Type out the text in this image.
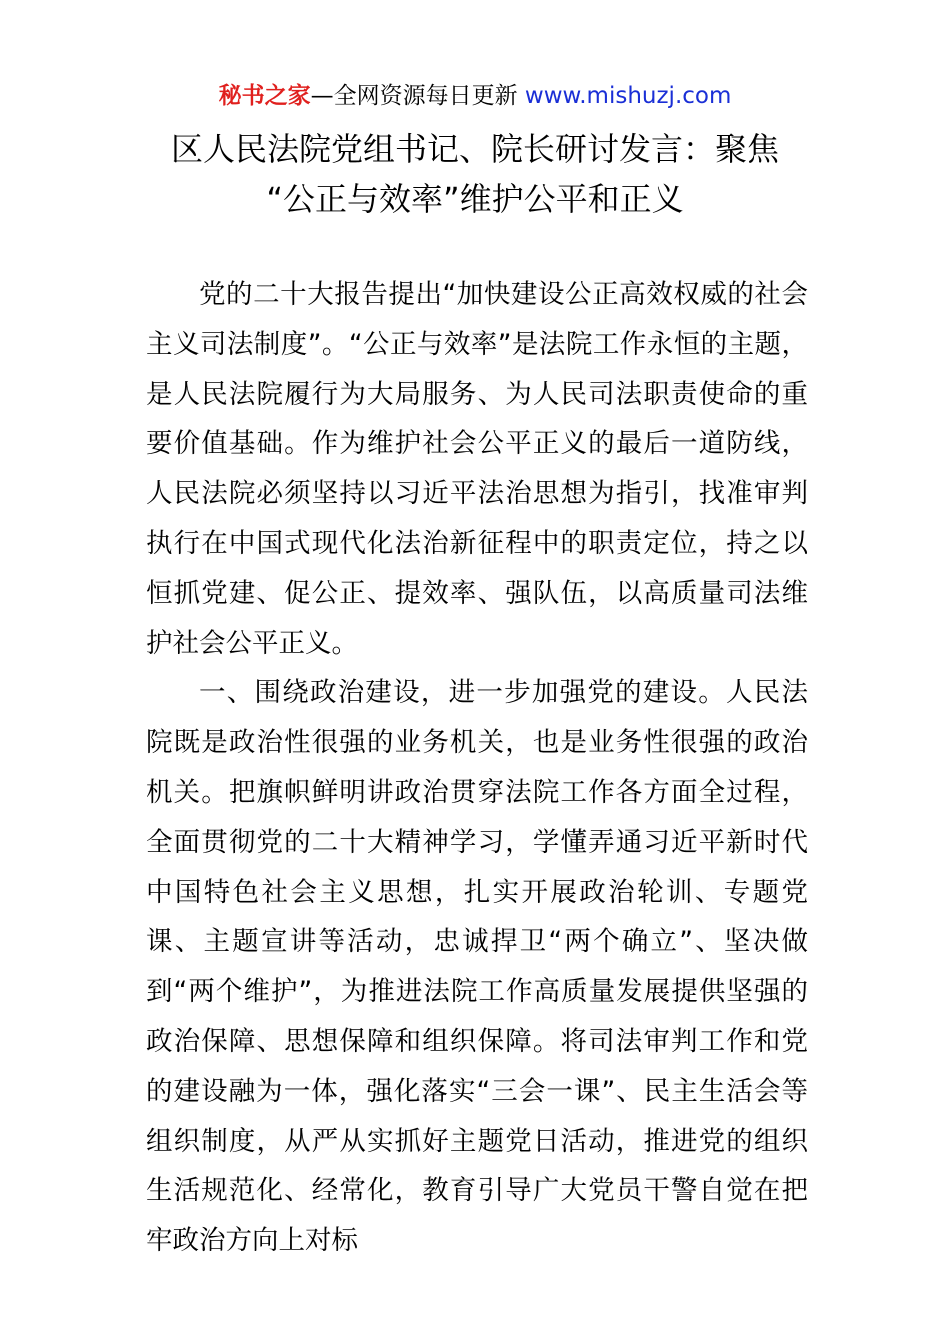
秘书之家—全网资源每日更新 www.mishuzj.com
区人民法院党组书记、院长研讨发言：聚焦
“公正与效率”维护公平和正义

党的二十大报告提出“加快建设公正高效权威的社会主义司法制度”。“公正与效率”是法院工作永恒的主题，是人民法院履行为大局服务、为人民司法职责使命的重要价值基础。作为维护社会公平正义的最后一道防线，人民法院必须坚持以习近平法治思想为指引，找准审判执行在中国式现代化法治新征程中的职责定位，持之以恒抓党建、促公正、提效率、强队伍，以高质量司法维护社会公平正义。

一、围绕政治建设，进一步加强党的建设。人民法院既是政治性很强的业务机关，也是业务性很强的政治机关。把旗帜鲜明讲政治贯穿法院工作各方面全过程，全面贯彻党的二十大精神学习，学懂弄通习近平新时代中国特色社会主义思想，扎实开展政治轮训、专题党课、主题宣讲等活动，忠诚捍卫“两个确立”、坚决做到“两个维护”，为推进法院工作高质量发展提供坚强的政治保障、思想保障和组织保障。将司法审判工作和党的建设融为一体，强化落实“三会一课”、民主生活会等组织制度，从严从实抓好主题党日活动，推进党的组织生活规范化、经常化，教育引导广大党员干警自觉在把牢政治方向上对标
